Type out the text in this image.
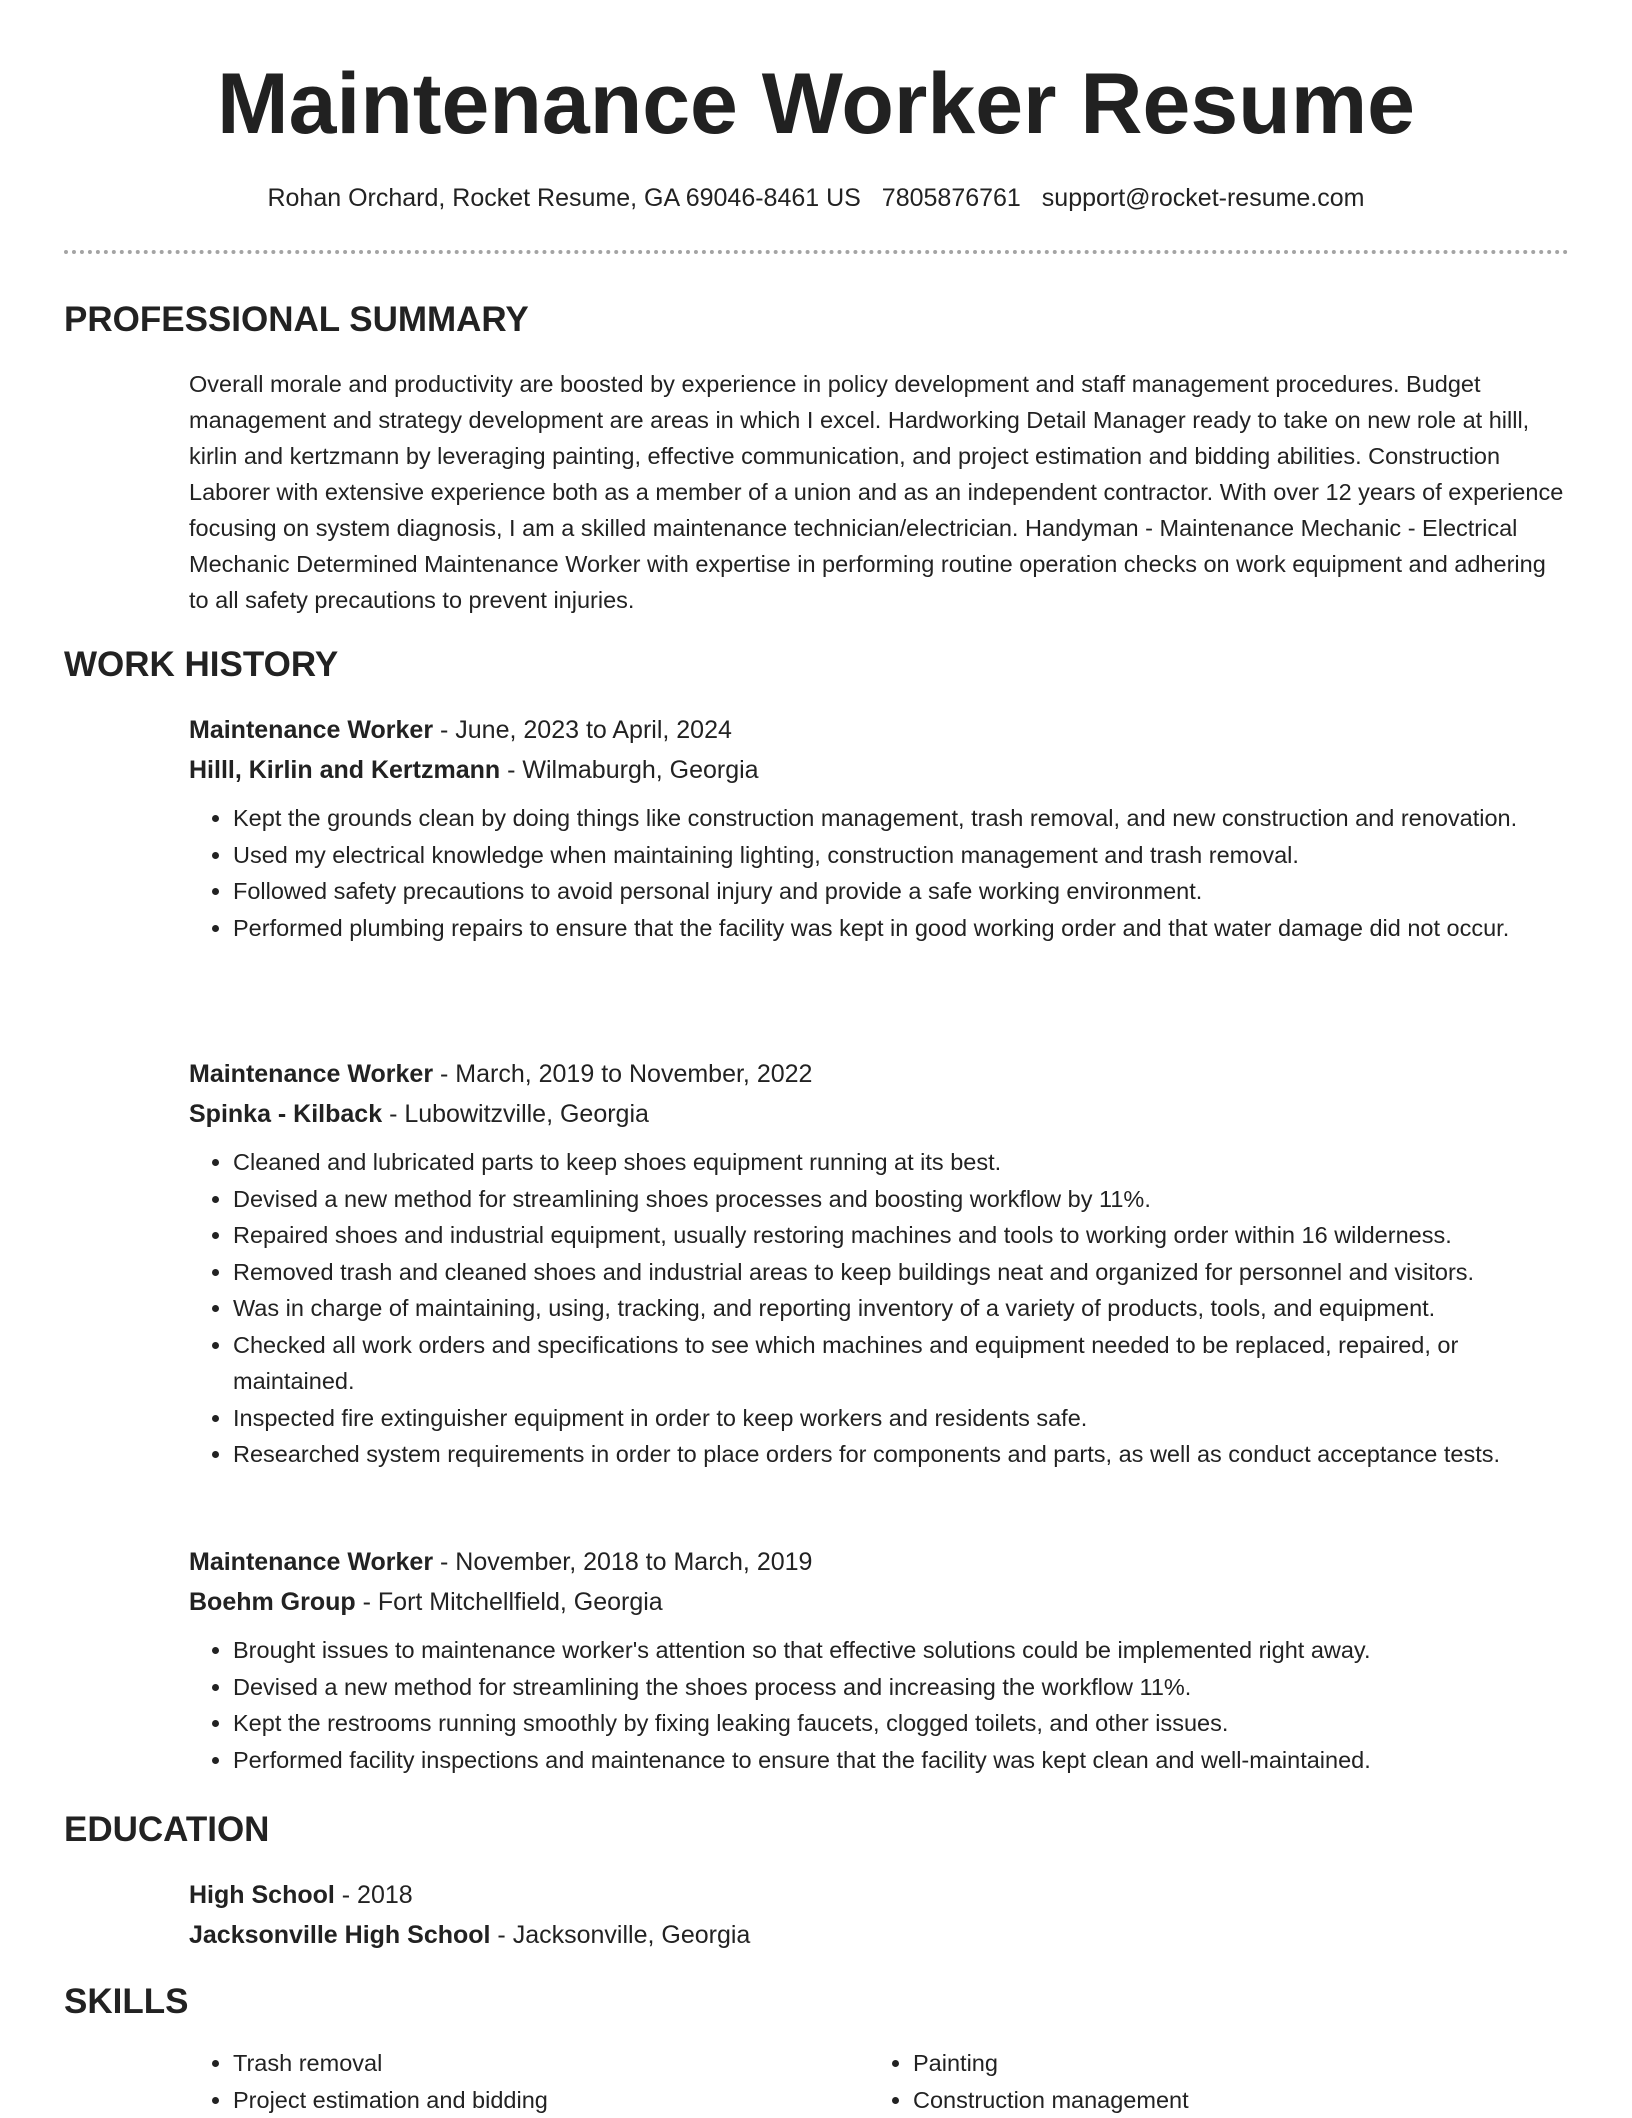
Maintenance Worker Resume
Rohan Orchard, Rocket Resume, GA 69046-8461 US 7805876761 support@rocket-resume.com
PROFESSIONAL SUMMARY

Overall morale and productivity are boosted by experience in policy development and staff management procedures. Budget management and strategy development are areas in which I excel. Hardworking Detail Manager ready to take on new role at hilll, kirlin and kertzmann by leveraging painting, effective communication, and project estimation and bidding abilities. Construction Laborer with extensive experience both as a member of a union and as an independent contractor. With over 12 years of experience focusing on system diagnosis, I am a skilled maintenance technician/electrician. Handyman - Maintenance Mechanic - Electrical Mechanic Determined Maintenance Worker with expertise in performing routine operation checks on work equipment and adhering to all safety precautions to prevent injuries.

WORK HISTORY
Maintenance Worker - June, 2023 to April, 2024
Hilll, Kirlin and Kertzmann - Wilmaburgh, Georgia
• Kept the grounds clean by doing things like construction management, trash removal, and new construction and renovation.
• Used my electrical knowledge when maintaining lighting, construction management and trash removal.
• Followed safety precautions to avoid personal injury and provide a safe working environment.
• Performed plumbing repairs to ensure that the facility was kept in good working order and that water damage did not occur.
Maintenance Worker - March, 2019 to November, 2022
Spinka - Kilback - Lubowitzville, Georgia
• Cleaned and lubricated parts to keep shoes equipment running at its best.
• Devised a new method for streamlining shoes processes and boosting workflow by 11%.
• Repaired shoes and industrial equipment, usually restoring machines and tools to working order within 16 wilderness.
• Removed trash and cleaned shoes and industrial areas to keep buildings neat and organized for personnel and visitors.
• Was in charge of maintaining, using, tracking, and reporting inventory of a variety of products, tools, and equipment.
• Checked all work orders and specifications to see which machines and equipment needed to be replaced, repaired, or maintained.
• Inspected fire extinguisher equipment in order to keep workers and residents safe.
• Researched system requirements in order to place orders for components and parts, as well as conduct acceptance tests.
Maintenance Worker - November, 2018 to March, 2019
Boehm Group - Fort Mitchellfield, Georgia
• Brought issues to maintenance worker's attention so that effective solutions could be implemented right away.
• Devised a new method for streamlining the shoes process and increasing the workflow 11%.
• Kept the restrooms running smoothly by fixing leaking faucets, clogged toilets, and other issues.
• Performed facility inspections and maintenance to ensure that the facility was kept clean and well-maintained.
EDUCATION
High School - 2018
Jacksonville High School - Jacksonville, Georgia
SKILLS
• Trash removal
• Project estimation and bidding
• Painting
• Construction management
